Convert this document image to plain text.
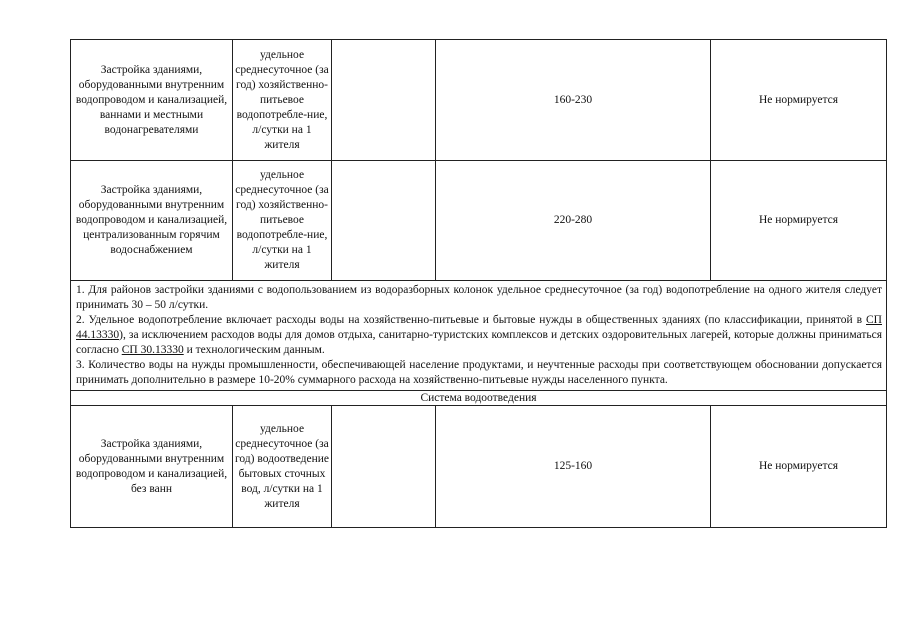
Застройка зданиями, оборудованными внутренним водопроводом и канализацией, ваннами и местными водонагревателями	удельное среднесуточное (за год) хозяйственно-питьевое водопотребле-ние, л/сутки на 1 жителя		160-230	Не нормируется
Застройка зданиями, оборудованными внутренним водопроводом и канализацией, централизованным горячим водоснабжением	удельное среднесуточное (за год) хозяйственно-питьевое водопотребле-ние, л/сутки на 1 жителя		220-280	Не нормируется

1. Для районов застройки зданиями с водопользованием из водоразборных колонок удельное среднесуточное (за год) водопотребление на одного жителя следует принимать 30 – 50 л/сутки.

2. Удельное водопотребление включает расходы воды на хозяйственно-питьевые и бытовые нужды в общественных зданиях (по классификации, принятой в СП 44.13330), за исключением расходов воды для домов отдыха, санитарно-туристских комплексов и детских оздоровительных лагерей, которые должны приниматься согласно СП 30.13330 и технологическим данным.

3. Количество воды на нужды промышленности, обеспечивающей население продуктами, и неучтенные расходы при соответствующем обосновании допускается принимать дополнительно в размере 10-20% суммарного расхода на хозяйственно-питьевые нужды населенного пункта.				

Система водоотведения				
Застройка зданиями, оборудованными внутренним водопроводом и канализацией, без ванн	удельное среднесуточное (за год) водоотведение бытовых сточных вод, л/сутки на 1 жителя		125-160	Не нормируется
